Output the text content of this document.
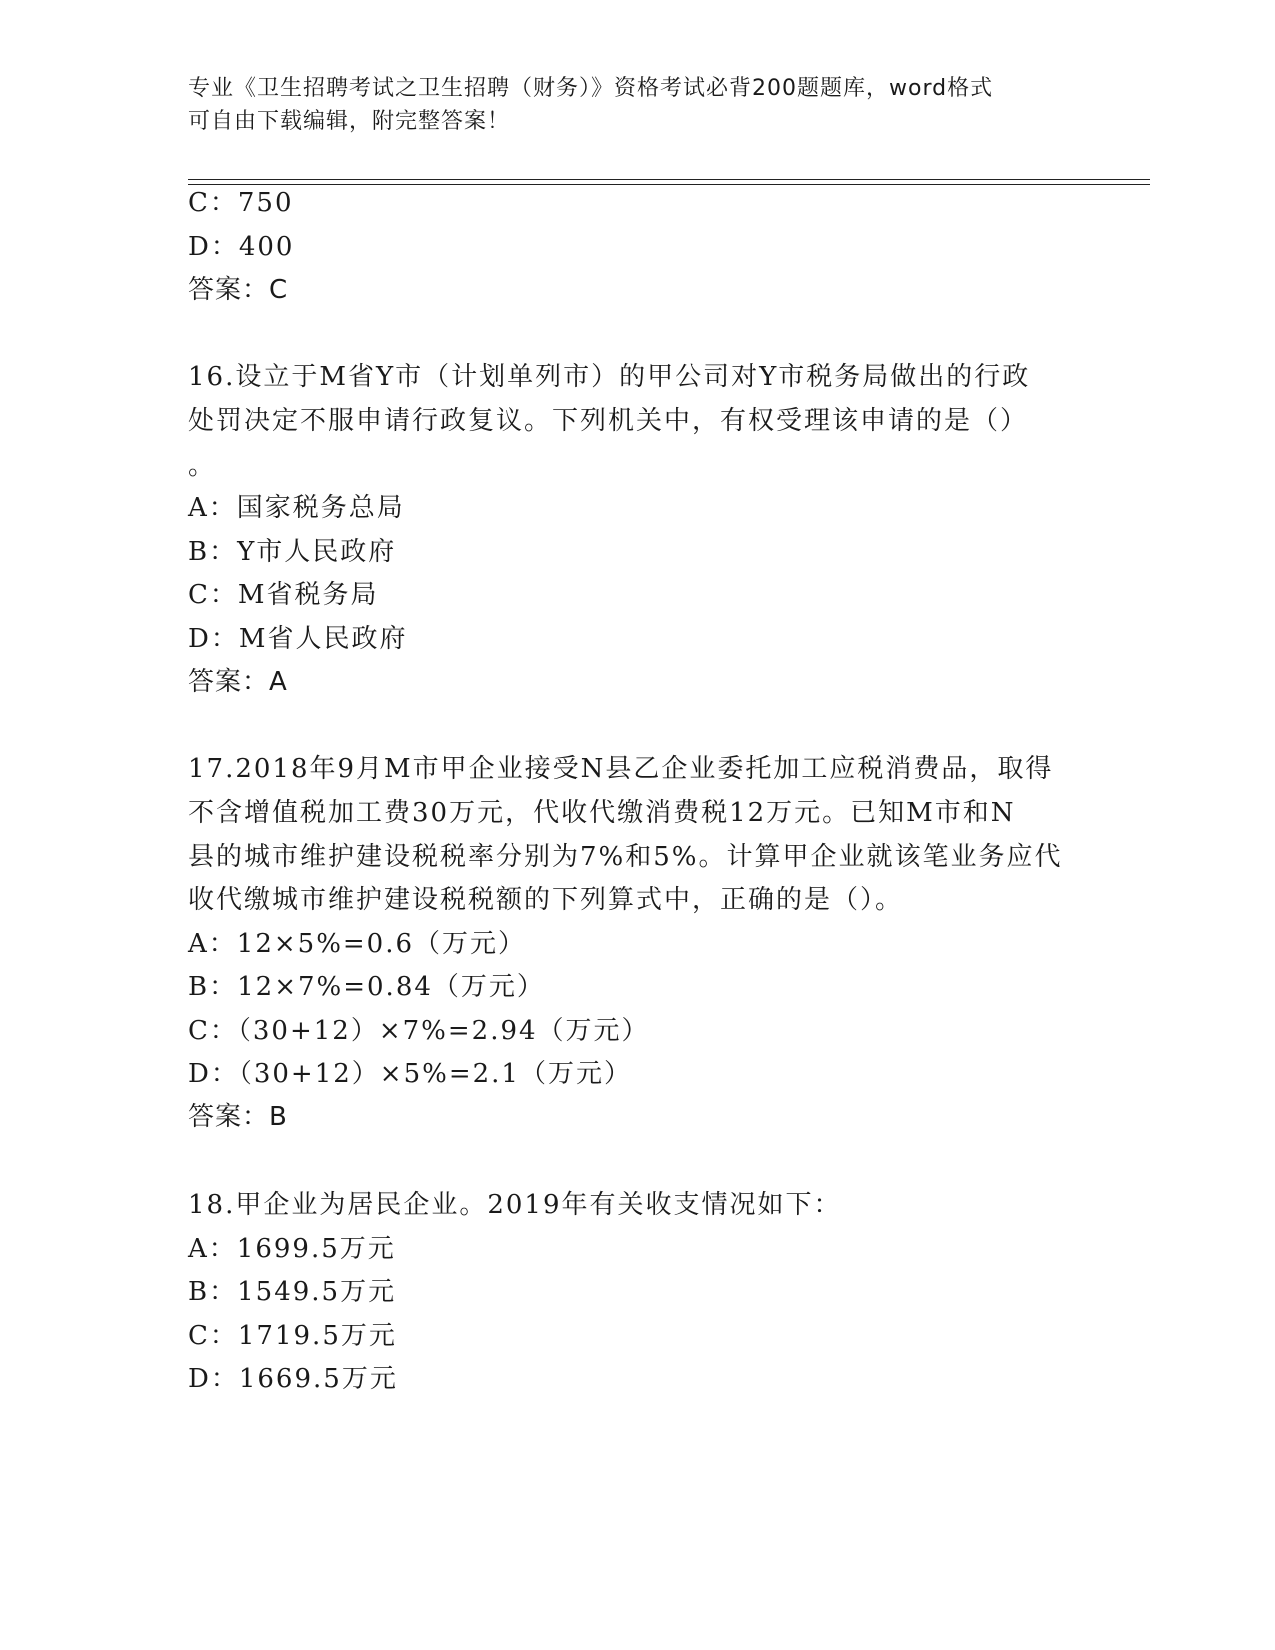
专业《卫生招聘考试之卫生招聘（财务）》资格考试必背200题题库，word格式
可自由下载编辑，附完整答案！
C：750
D：400
答案：C
16.设立于M省Y市（计划单列市）的甲公司对Y市税务局做出的行政
处罚决定不服申请行政复议。下列机关中，有权受理该申请的是（）
。
A：国家税务总局
B：Y市人民政府
C：M省税务局
D：M省人民政府
答案：A
17.2018年9月M市甲企业接受N县乙企业委托加工应税消费品，取得
不含增值税加工费30万元，代收代缴消费税12万元。已知M市和N
县的城市维护建设税税率分别为7%和5%。计算甲企业就该笔业务应代
收代缴城市维护建设税税额的下列算式中，正确的是（）。
A：12×5%=0.6（万元）
B：12×7%=0.84（万元）
C：（30+12）×7%=2.94（万元）
D：（30+12）×5%=2.1（万元）
答案：B
18.甲企业为居民企业。2019年有关收支情况如下：
A：1699.5万元
B：1549.5万元
C：1719.5万元
D：1669.5万元
